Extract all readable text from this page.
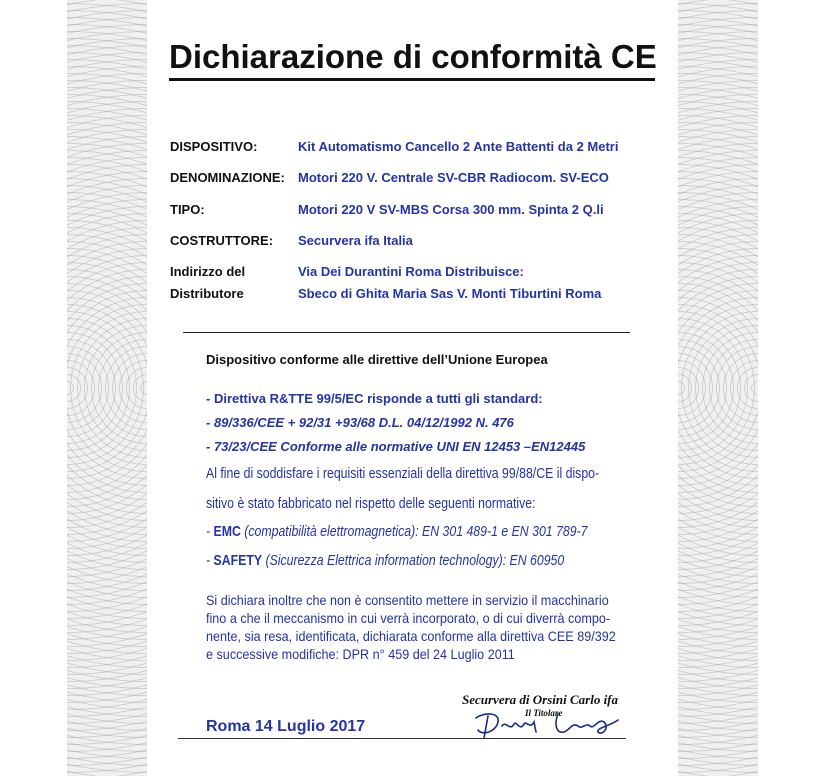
Dichiarazione di conformità CE
DISPOSITIVO:	Kit Automatismo Cancello 2 Ante Battenti da 2 Metri
DENOMINAZIONE: Motori 220 V. Centrale SV-CBR Radiocom. SV-ECO
TIPO:	Motori 220 V SV-MBS Corsa 300 mm. Spinta 2 Q.li
COSTRUTTORE: Securvera ifa Italia
Indirizzo del
Distributore
Via Dei Durantini Roma Distribuisce:
Sbeco di Ghita Maria Sas V. Monti Tiburtini Roma
Dispositivo conforme alle direttive dell’Unione Europea
- Direttiva R&TTE 99/5/EC risponde a tutti gli standard:
- 89/336/CEE + 92/31 +93/68 D.L. 04/12/1992 N. 476
- 73/23/CEE Conforme alle normative UNI EN 12453 –EN12445
Al fine di soddisfare i requisiti essenziali della direttiva 99/88/CE il dispo-
sitivo è stato fabbricato nel rispetto delle seguenti normative:
- EMC (compatibilità elettromagnetica): EN 301 489-1 e EN 301 789-7
- SAFETY (Sicurezza Elettrica information technology): EN 60950
Si dichiara inoltre che non è consentito mettere in servizio il macchinario
fino a che il meccanismo in cui verrà incorporato, o di cui diverrà compo-
nente, sia resa, identificata, dichiarata conforme alla direttiva CEE 89/392
e successive modifiche: DPR n° 459 del 24 Luglio 2011
Roma 14 Luglio 2017
Securvera di Orsini Carlo ifa
Il Titolare
